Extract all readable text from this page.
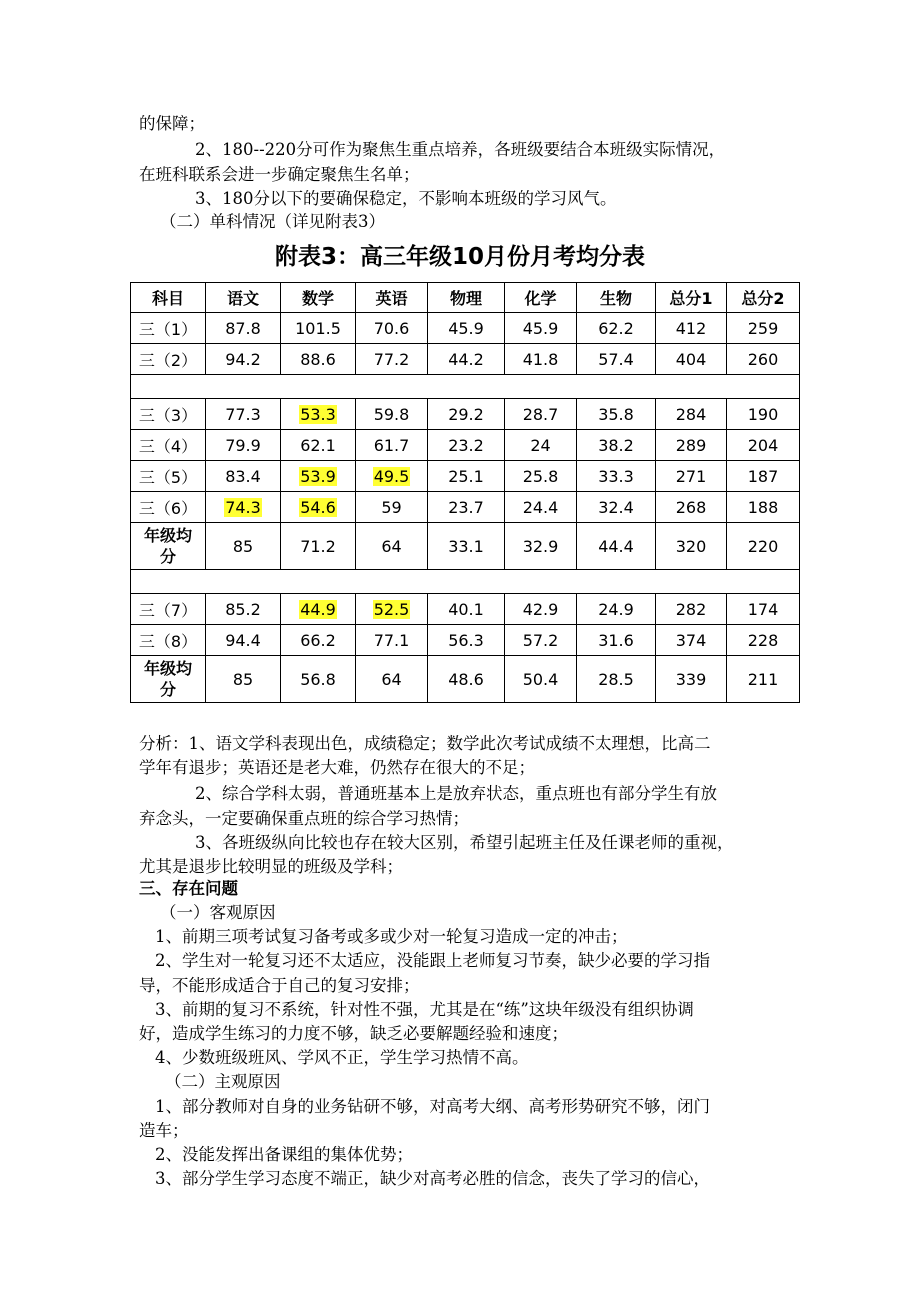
的保障；
2、180--220分可作为聚焦生重点培养，各班级要结合本班级实际情况，
在班科联系会进一步确定聚焦生名单；
3、180分以下的要确保稳定，不影响本班级的学习风气。
（二）单科情况（详见附表3）
附表3：高三年级10月份月考均分表
科目	语文	数学	英语	物理	化学	生物	总分1	总分2
三（1）	87.8	101.5	70.6	45.9	45.9	62.2	412	259
三（2）	94.2	88.6	77.2	44.2	41.8	57.4	404	260

三（3）	77.3	53.3	59.8	29.2	28.7	35.8	284	190
三（4）	79.9	62.1	61.7	23.2	24	38.2	289	204
三（5）	83.4	53.9	49.5	25.1	25.8	33.3	271	187
三（6）	74.3	54.6	59	23.7	24.4	32.4	268	188
年级均
分	85	71.2	64	33.1	32.9	44.4	320	220

三（7）	85.2	44.9	52.5	40.1	42.9	24.9	282	174
三（8）	94.4	66.2	77.1	56.3	57.2	31.6	374	228
年级均
分	85	56.8	64	48.6	50.4	28.5	339	211
分析：1、语文学科表现出色，成绩稳定；数学此次考试成绩不太理想，比高二
学年有退步；英语还是老大难，仍然存在很大的不足；
2、综合学科太弱，普通班基本上是放弃状态，重点班也有部分学生有放
弃念头，一定要确保重点班的综合学习热情；
3、各班级纵向比较也存在较大区别，希望引起班主任及任课老师的重视，
尤其是退步比较明显的班级及学科；
三、存在问题
（一）客观原因
1、前期三项考试复习备考或多或少对一轮复习造成一定的冲击；
2、学生对一轮复习还不太适应，没能跟上老师复习节奏，缺少必要的学习指
导，不能形成适合于自己的复习安排；
3、前期的复习不系统，针对性不强，尤其是在“练”这块年级没有组织协调
好，造成学生练习的力度不够，缺乏必要解题经验和速度；
4、少数班级班风、学风不正，学生学习热情不高。
（二）主观原因
1、部分教师对自身的业务钻研不够，对高考大纲、高考形势研究不够，闭门
造车；
2、没能发挥出备课组的集体优势；
3、部分学生学习态度不端正，缺少对高考必胜的信念，丧失了学习的信心，
